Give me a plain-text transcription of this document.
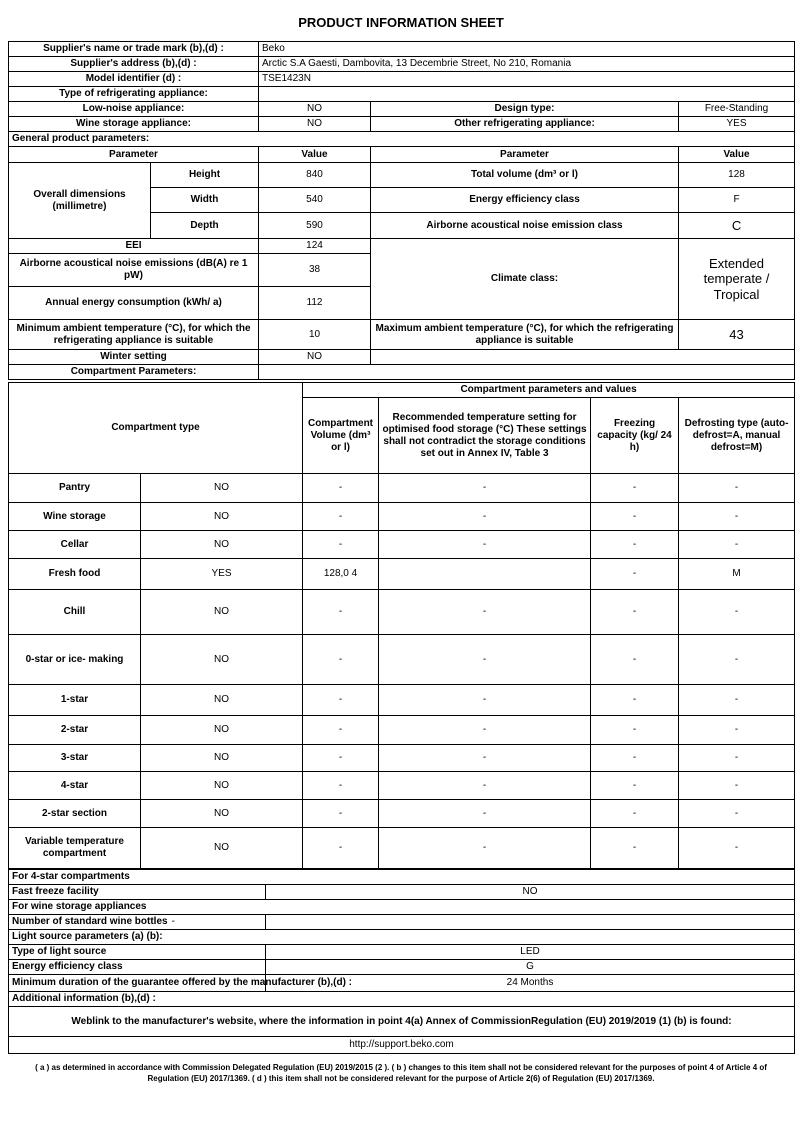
PRODUCT INFORMATION SHEET
Supplier's name or trade mark (b),(d) :		Beko		
Supplier's address (b),(d) :		Arctic S.A Gaesti, Dambovita, 13 Decembrie Street, No 210, Romania		
Model identifier (d) :		TSE1423N		
Type of refrigerating appliance:				
Low-noise appliance:		NO	Design type:	Free-Standing
Wine storage appliance:		NO	Other refrigerating appliance:	YES
General product parameters:				
Parameter		Value	Parameter	Value
Overall dimensions (millimetre)	Height	840	Total volume (dm³ or l)	128
	Width	540	Energy efficiency class	F
	Depth	590	Airborne acoustical noise emission class	C
EEI		124	Climate class:	Extended temperate / Tropical
Airborne acoustical noise emissions (dB(A) re 1 pW)		38		
Annual energy consumption (kWh/ a)		112		
Minimum ambient temperature (°C), for which the refrigerating appliance is suitable		10	Maximum ambient temperature (°C), for which the refrigerating appliance is suitable	43
Winter setting		NO		
Compartment Parameters:				
Compartment type		Compartment parameters and values			
		Compartment Volume (dm³ or l)	Recommended temperature setting for optimised food storage (°C) These settings shall not contradict the storage conditions set out in Annex IV, Table 3	Freezing capacity (kg/ 24 h)	Defrosting type (auto-defrost=A, manual defrost=M)
Pantry	NO	-	-	-	-
Wine storage	NO	-	-	-	-
Cellar	NO	-	-	-	-
Fresh food	YES	128,0 4		-	M
Chill	NO	-	-	-	-
0-star or ice- making	NO	-	-	-	-
1-star	NO	-	-	-	-
2-star	NO	-	-	-	-
3-star	NO	-	-	-	-
4-star	NO	-	-	-	-
2-star section	NO	-	-	-	-
Variable temperature compartment	NO	-	-	-	-
For 4-star compartments	
Fast freeze facility	NO
For wine storage appliances	
Number of standard wine bottles -	
Light source parameters (a) (b):	
Type of light source	LED
Energy efficiency class	G

Minimum duration of the guarantee offered by the manufacturer (b),(d) :	24 Months
Additional information (b),(d) :	
Weblink to the manufacturer's website, where the information in point 4(a) Annex of CommissionRegulation (EU) 2019/2019 (1) (b) is found:	
http://support.beko.com	
( a ) as determined in accordance with Commission Delegated Regulation (EU) 2019/2015 (2 ). ( b ) changes to this item shall not be considered relevant for the purposes of point 4 of Article 4 of Regulation (EU) 2017/1369. ( d ) this item shall not be considered relevant for the purpose of Article 2(6) of Regulation (EU) 2017/1369.
